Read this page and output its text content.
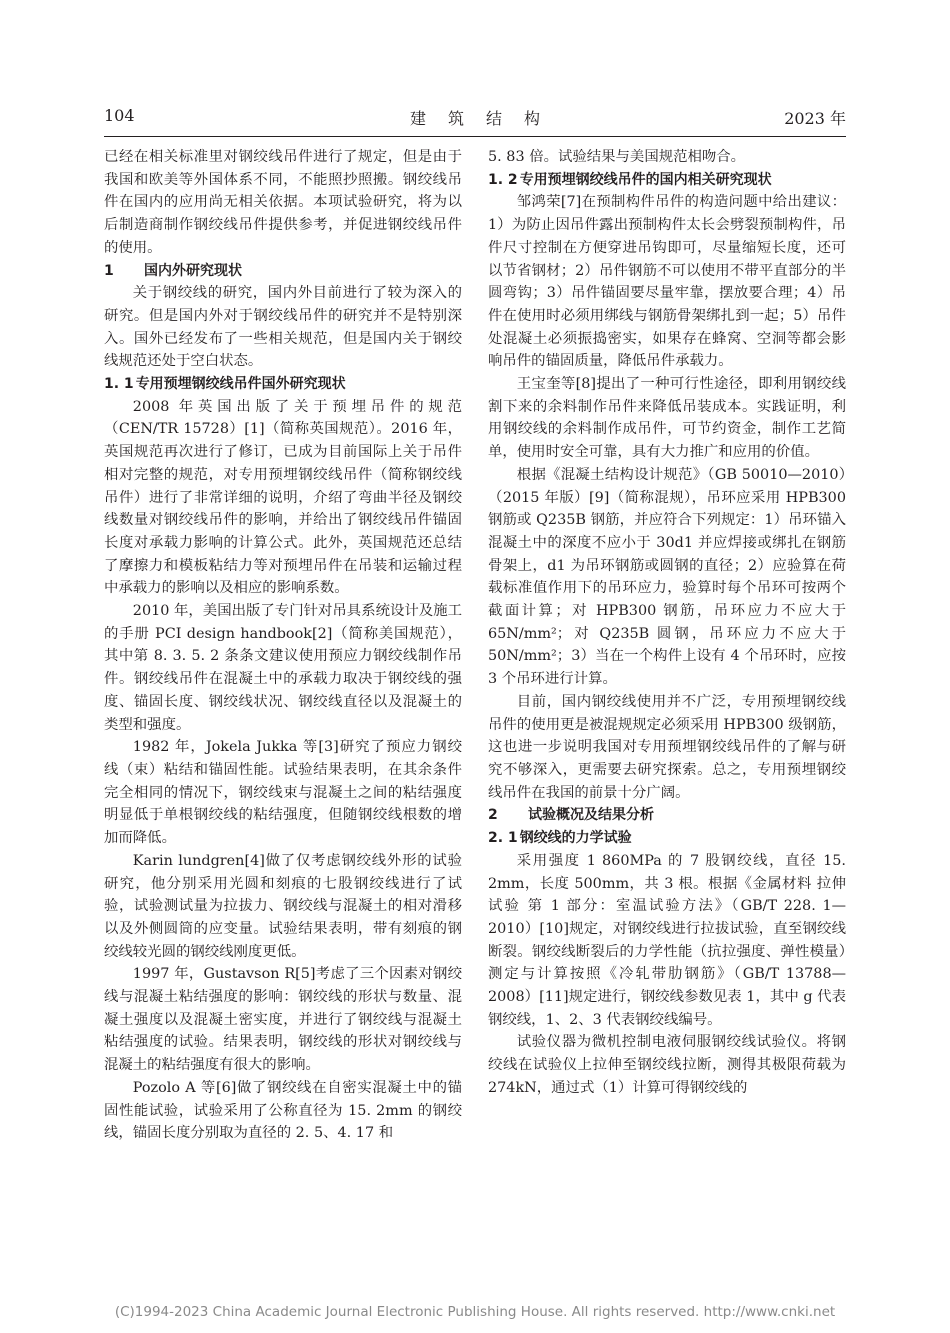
104	建筑结构	2023 年

已经在相关标准里对钢绞线吊件进行了规定，但是由于我国和欧美等外国体系不同，不能照抄照搬。钢绞线吊件在国内的应用尚无相关依据。本项试验研究，将为以后制造商制作钢绞线吊件提供参考，并促进钢绞线吊件的使用。

1 国内外研究现状

关于钢绞线的研究，国内外目前进行了较为深入的研究。但是国内外对于钢绞线吊件的研究并不是特别深入。国外已经发布了一些相关规范，但是国内关于钢绞线规范还处于空白状态。

1. 1 专用预埋钢绞线吊件国外研究现状

2008 年英国出版了关于预埋吊件的规范（CEN/TR 15728）[1]（简称英国规范）。2016 年，英国规范再次进行了修订，已成为目前国际上关于吊件相对完整的规范，对专用预埋钢绞线吊件（简称钢绞线吊件）进行了非常详细的说明，介绍了弯曲半径及钢绞线数量对钢绞线吊件的影响，并给出了钢绞线吊件锚固长度对承载力影响的计算公式。此外，英国规范还总结了摩擦力和模板粘结力等对预埋吊件在吊装和运输过程中承载力的影响以及相应的影响系数。

2010 年，美国出版了专门针对吊具系统设计及施工的手册 PCI design handbook[2]（简称美国规范），其中第 8. 3. 5. 2 条条文建议使用预应力钢绞线制作吊件。钢绞线吊件在混凝土中的承载力取决于钢绞线的强度、锚固长度、钢绞线状况、钢绞线直径以及混凝土的类型和强度。

1982 年，Jokela Jukka 等[3]研究了预应力钢绞线（束）粘结和锚固性能。试验结果表明，在其余条件完全相同的情况下，钢绞线束与混凝土之间的粘结强度明显低于单根钢绞线的粘结强度，但随钢绞线根数的增加而降低。

Karin lundgren[4]做了仅考虑钢绞线外形的试验研究，他分别采用光圆和刻痕的七股钢绞线进行了试验，试验测试量为拉拔力、钢绞线与混凝土的相对滑移以及外侧圆筒的应变量。试验结果表明，带有刻痕的钢绞线较光圆的钢绞线刚度更低。

1997 年，Gustavson R[5]考虑了三个因素对钢绞线与混凝土粘结强度的影响：钢绞线的形状与数量、混凝土强度以及混凝土密实度，并进行了钢绞线与混凝土粘结强度的试验。结果表明，钢绞线的形状对钢绞线与混凝土的粘结强度有很大的影响。

Pozolo A 等[6]做了钢绞线在自密实混凝土中的锚固性能试验，试验采用了公称直径为 15. 2mm 的钢绞线，锚固长度分别取为直径的 2. 5、4. 17 和

5. 83 倍。试验结果与美国规范相吻合。

1. 2 专用预埋钢绞线吊件的国内相关研究现状

邹鸿荣[7]在预制构件吊件的构造问题中给出建议：1）为防止因吊件露出预制构件太长会劈裂预制构件，吊件尺寸控制在方便穿进吊钩即可，尽量缩短长度，还可以节省钢材；2）吊件钢筋不可以使用不带平直部分的半圆弯钩；3）吊件锚固要尽量牢靠，摆放要合理；4）吊件在使用时必须用绑线与钢筋骨架绑扎到一起；5）吊件处混凝土必须振捣密实，如果存在蜂窝、空洞等都会影响吊件的锚固质量，降低吊件承载力。

王宝奎等[8]提出了一种可行性途径，即利用钢绞线割下来的余料制作吊件来降低吊装成本。实践证明，利用钢绞线的余料制作成吊件，可节约资金，制作工艺简单，使用时安全可靠，具有大力推广和应用的价值。

根据《混凝土结构设计规范》（GB 50010—2010）（2015 年版）[9]（简称混规），吊环应采用 HPB300 钢筋或 Q235B 钢筋，并应符合下列规定：1）吊环锚入混凝土中的深度不应小于 30d1 并应焊接或绑扎在钢筋骨架上，d1 为吊环钢筋或圆钢的直径；2）应验算在荷载标准值作用下的吊环应力，验算时每个吊环可按两个截面计算；对 HPB300 钢筋，吊环应力不应大于 65N/mm²；对 Q235B 圆钢，吊环应力不应大于 50N/mm²；3）当在一个构件上设有 4 个吊环时，应按 3 个吊环进行计算。

目前，国内钢绞线使用并不广泛，专用预埋钢绞线吊件的使用更是被混规规定必须采用 HPB300 级钢筋，这也进一步说明我国对专用预埋钢绞线吊件的了解与研究不够深入，更需要去研究探索。总之，专用预埋钢绞线吊件在我国的前景十分广阔。

2 试验概况及结果分析
2. 1 钢绞线的力学试验

采用强度 1 860MPa 的 7 股钢绞线，直径 15. 2mm，长度 500mm，共 3 根。根据《金属材料 拉伸试验 第 1 部分：室温试验方法》（GB/T 228. 1—2010）[10]规定，对钢绞线进行拉拔试验，直至钢绞线断裂。钢绞线断裂后的力学性能（抗拉强度、弹性模量）测定与计算按照《冷轧带肋钢筋》（GB/T 13788—2008）[11]规定进行，钢绞线参数见表 1，其中 g 代表钢绞线，1、2、3 代表钢绞线编号。

试验仪器为微机控制电液伺服钢绞线试验仪。将钢绞线在试验仪上拉伸至钢绞线拉断，测得其极限荷载为 274kN，通过式（1）计算可得钢绞线的

(C)1994-2023 China Academic Journal Electronic Publishing House. All rights reserved. http://www.cnki.net
